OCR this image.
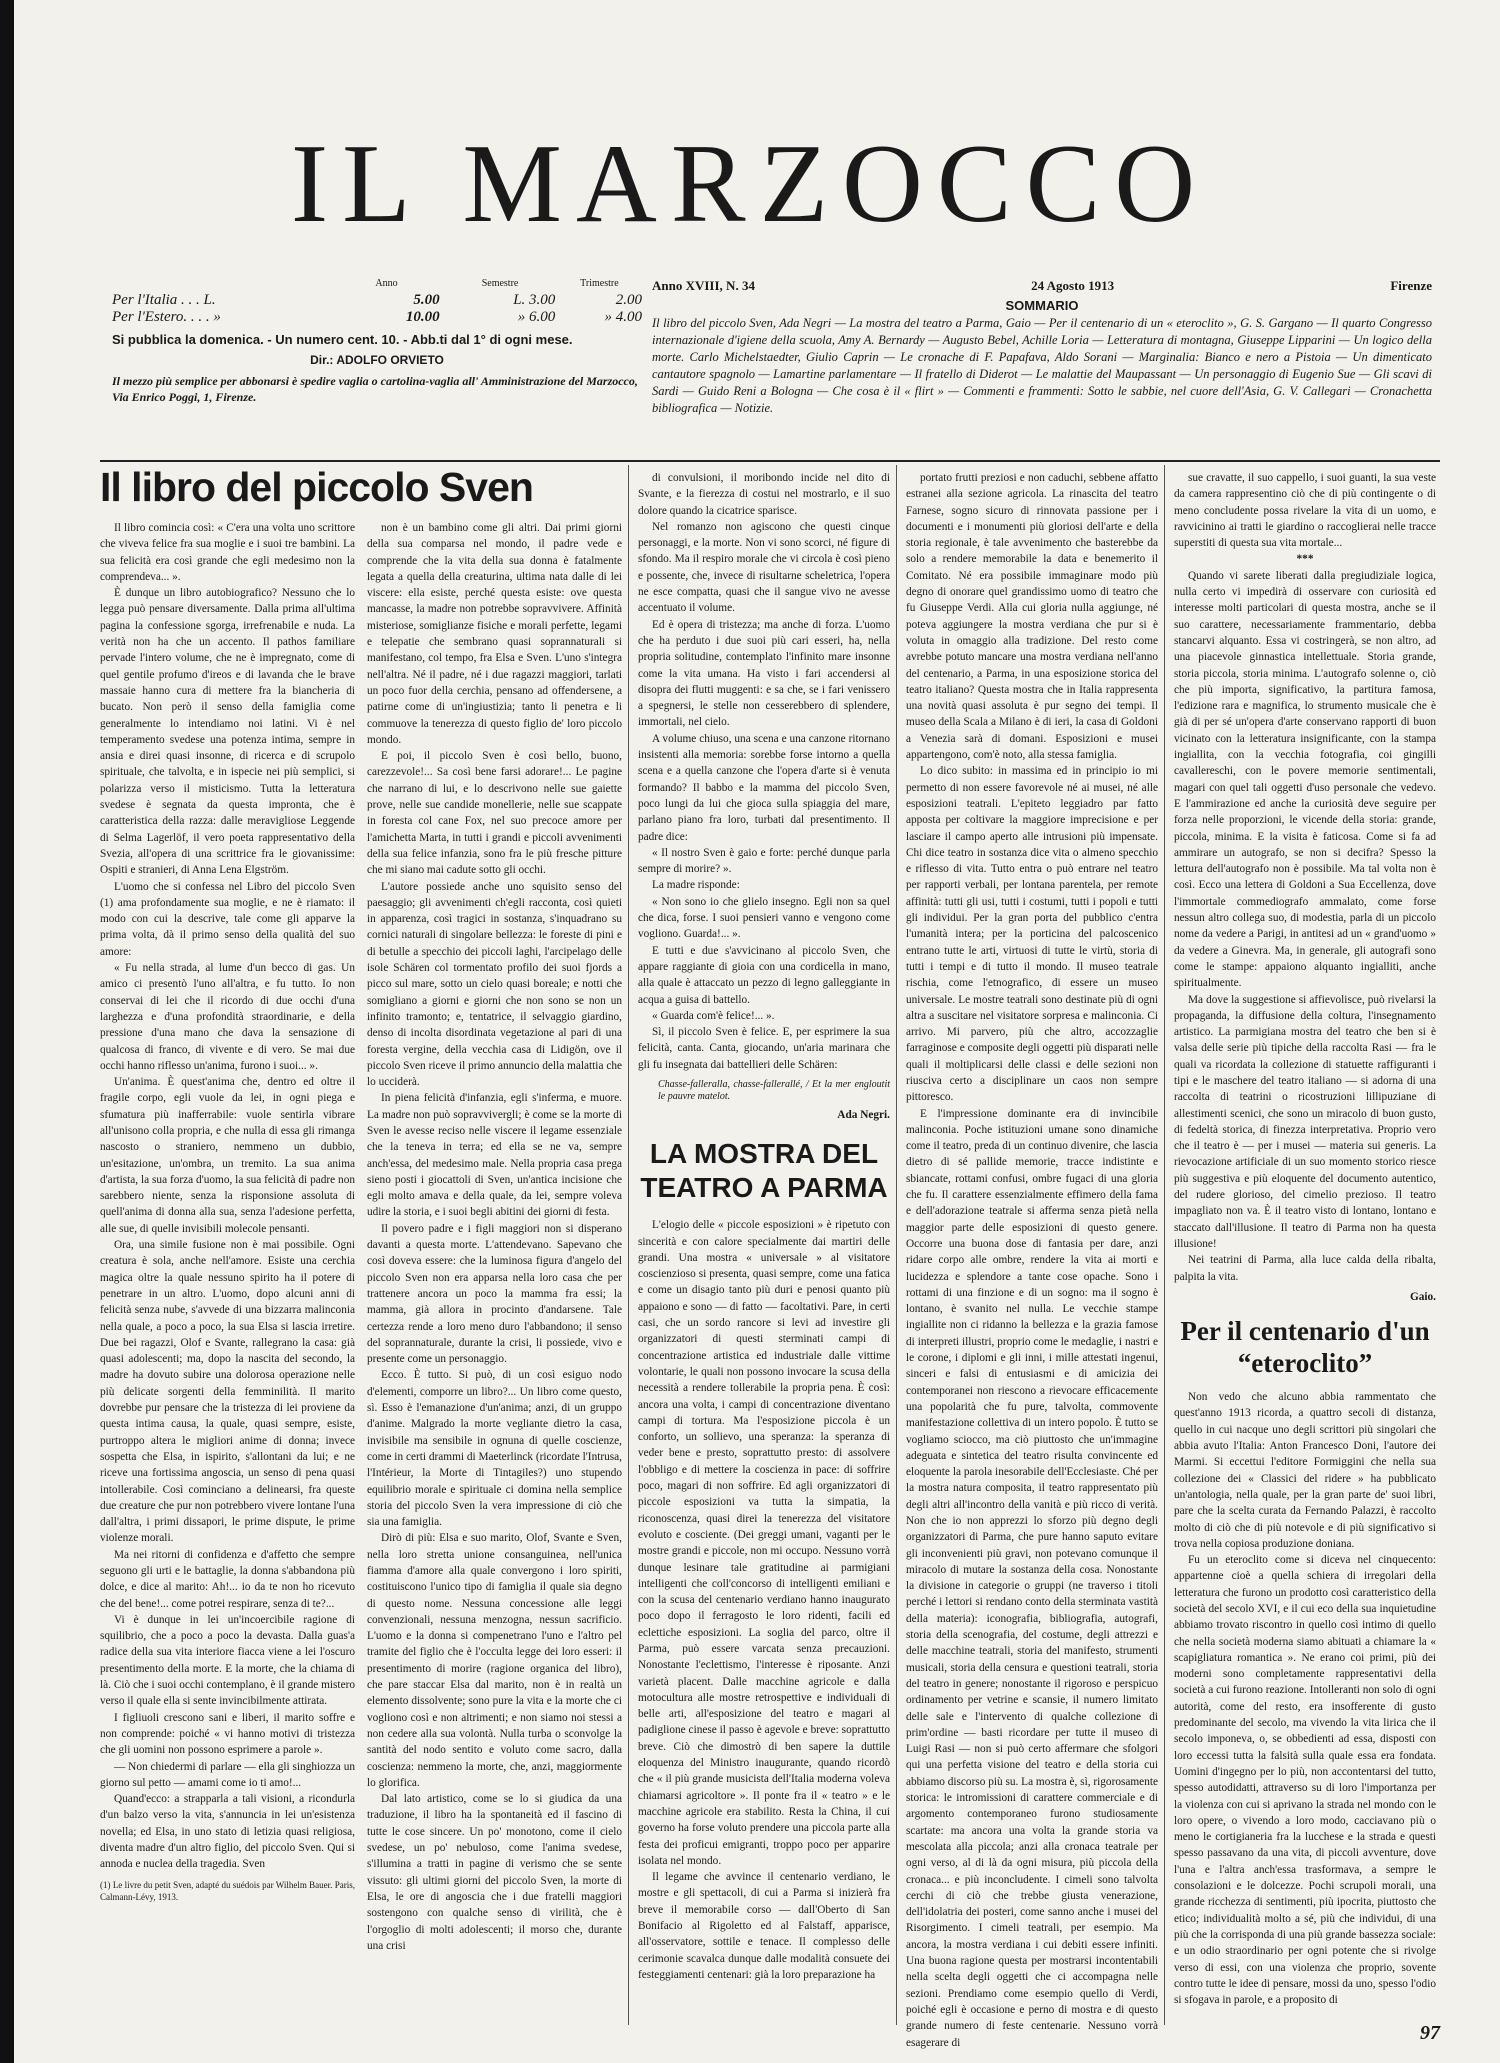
IL MARZOCCO
Anno	Semestre	Trimestre
Per l'Italia . . . L.	5.00	L. 3.00	2.00
Per l'Estero. . . . »	10.00	» 6.00	» 4.00
Si pubblica la domenica. - Un numero cent. 10. - Abb.ti dal 1° di ogni mese.
Dir.: ADOLFO ORVIETO
Il mezzo più semplice per abbonarsi è spedire vaglia o cartolina-vaglia all' Amministrazione del Marzocco, Via Enrico Poggi, 1, Firenze.
Anno XVIII, N. 34	24 Agosto 1913	Firenze
SOMMARIO
Il libro del piccolo Sven, Ada Negri — La mostra del teatro a Parma, Gaio — Per il centenario di un « eteroclito », G. S. Gargano — Il quarto Congresso internazionale d'igiene della scuola, Amy A. Bernardy — Augusto Bebel, Achille Loria — Letteratura di montagna, Giuseppe Lipparini — Un logico della morte. Carlo Michelstaedter, Giulio Caprin — Le cronache di F. Papafava, Aldo Sorani — Marginalia: Bianco e nero a Pistoia — Un dimenticato cantautore spagnolo — Lamartine parlamentare — Il fratello di Diderot — Le malattie del Maupassant — Un personaggio di Eugenio Sue — Gli scavi di Sardi — Guido Reni a Bologna — Che cosa è il « flirt » — Commenti e frammenti: Sotto le sabbie, nel cuore dell'Asia, G. V. Callegari — Cronachetta bibliografica — Notizie.
Il libro del piccolo Sven

Il libro comincia così: « C'era una volta uno scrittore che viveva felice fra sua moglie e i suoi tre bambini. La sua felicità era così grande che egli medesimo non la comprendeva... ».

È dunque un libro autobiografico? Nessuno che lo legga può pensare diversamente. Dalla prima all'ultima pagina la confessione sgorga, irrefrenabile e nuda. La verità non ha che un accento. Il pathos familiare pervade l'intero volume, che ne è impregnato, come di quel gentile profumo d'ireos e di lavanda che le brave massaie hanno cura di mettere fra la biancheria di bucato. Non però il senso della famiglia come generalmente lo intendiamo noi latini. Vi è nel temperamento svedese una potenza intima, sempre in ansia e direi quasi insonne, di ricerca e di scrupolo spirituale, che talvolta, e in ispecie nei più semplici, si polarizza verso il misticismo. Tutta la letteratura svedese è segnata da questa impronta, che è caratteristica della razza: dalle meravigliose Leggende di Selma Lagerlöf, il vero poeta rappresentativo della Svezia, all'opera di una scrittrice fra le giovanissime: Ospiti e stranieri, di Anna Lena Elgström.

L'uomo che si confessa nel Libro del piccolo Sven (1) ama profondamente sua moglie, e ne è riamato: il modo con cui la descrive, tale come gli apparve la prima volta, dà il primo senso della qualità del suo amore:

« Fu nella strada, al lume d'un becco di gas. Un amico ci presentò l'uno all'altra, e fu tutto. Io non conservai di lei che il ricordo di due occhi d'una larghezza e d'una profondità straordinarie, e della pressione d'una mano che dava la sensazione di qualcosa di franco, di vivente e di vero. Se mai due occhi hanno riflesso un'anima, furono i suoi... ».

Un'anima. È quest'anima che, dentro ed oltre il fragile corpo, egli vuole da lei, in ogni piega e sfumatura più inafferrabile: vuole sentirla vibrare all'unisono colla propria, e che nulla di essa gli rimanga nascosto o straniero, nemmeno un dubbio, un'esitazione, un'ombra, un tremito. La sua anima d'artista, la sua forza d'uomo, la sua felicità di padre non sarebbero niente, senza la risponsione assoluta di quell'anima di donna alla sua, senza l'adesione perfetta, alle sue, di quelle invisibili molecole pensanti.

Ora, una simile fusione non è mai possibile. Ogni creatura è sola, anche nell'amore. Esiste una cerchia magica oltre la quale nessuno spirito ha il potere di penetrare in un altro. L'uomo, dopo alcuni anni di felicità senza nube, s'avvede di una bizzarra malinconia nella quale, a poco a poco, la sua Elsa si lascia irretire. Due bei ragazzi, Olof e Svante, rallegrano la casa: già quasi adolescenti; ma, dopo la nascita del secondo, la madre ha dovuto subire una dolorosa operazione nelle più delicate sorgenti della femminilità. Il marito dovrebbe pur pensare che la tristezza di lei proviene da questa intima causa, la quale, quasi sempre, esiste, purtroppo altera le migliori anime di donna; invece sospetta che Elsa, in ispirito, s'allontani da lui; e ne riceve una fortissima angoscia, un senso di pena quasi intollerabile. Così cominciano a delinearsi, fra queste due creature che pur non potrebbero vivere lontane l'una dall'altra, i primi dissapori, le prime dispute, le prime violenze morali.

Ma nei ritorni di confidenza e d'affetto che sempre seguono gli urti e le battaglie, la donna s'abbandona più dolce, e dice al marito: Ah!... io da te non ho ricevuto che del bene!... come potrei respirare, senza di te?...

Vi è dunque in lei un'incoercibile ragione di squilibrio, che a poco a poco la devasta. Dalla guas'a radice della sua vita interiore fiacca viene a lei l'oscuro presentimento della morte. E la morte, che la chiama di là. Ciò che i suoi occhi contemplano, è il grande mistero verso il quale ella si sente invincibilmente attirata.

I figliuoli crescono sani e liberi, il marito soffre e non comprende: poiché « vi hanno motivi di tristezza che gli uomini non possono esprimere a parole ».

— Non chiedermi di parlare — ella gli singhiozza un giorno sul petto — amami come io ti amo!...

Quand'ecco: a strapparla a tali visioni, a ricondurla d'un balzo verso la vita, s'annuncia in lei un'esistenza novella; ed Elsa, in uno stato di letizia quasi religiosa, diventa madre d'un altro figlio, del piccolo Sven. Qui si annoda e nuclea della tragedia. Sven

(1) Le livre du petit Sven, adapté du suédois par Wilhelm Bauer. Paris, Calmann-Lévy, 1913.

non è un bambino come gli altri. Dai primi giorni della sua comparsa nel mondo, il padre vede e comprende che la vita della sua donna è fatalmente legata a quella della creaturina, ultima nata dalle di lei viscere: ella esiste, perché questa esiste: ove questa mancasse, la madre non potrebbe sopravvivere. Affinità misteriose, somiglianze fisiche e morali perfette, legami e telepatie che sembrano quasi soprannaturali si manifestano, col tempo, fra Elsa e Sven. L'uno s'integra nell'altra. Né il padre, né i due ragazzi maggiori, tarlati un poco fuor della cerchia, pensano ad offendersene, a patirne come di un'ingiustizia; tanto li penetra e li commuove la tenerezza di questo figlio de' loro piccolo mondo.

E poi, il piccolo Sven è così bello, buono, carezzevole!... Sa così bene farsi adorare!... Le pagine che narrano di lui, e lo descrivono nelle sue gaiette prove, nelle sue candide monellerie, nelle sue scappate in foresta col cane Fox, nel suo precoce amore per l'amichetta Marta, in tutti i grandi e piccoli avvenimenti della sua felice infanzia, sono fra le più fresche pitture che mi siano mai cadute sotto gli occhi.

L'autore possiede anche uno squisito senso del paesaggio; gli avvenimenti ch'egli racconta, così quieti in apparenza, così tragici in sostanza, s'inquadrano su cornici naturali di singolare bellezza: le foreste di pini e di betulle a specchio dei piccoli laghi, l'arcipelago delle isole Schären col tormentato profilo dei suoi fjords a picco sul mare, sotto un cielo quasi boreale; e notti che somigliano a giorni e giorni che non sono se non un infinito tramonto; e, tentatrice, il selvaggio giardino, denso di incolta disordinata vegetazione al pari di una foresta vergine, della vecchia casa di Lidigön, ove il piccolo Sven riceve il primo annuncio della malattia che lo ucciderà.

In piena felicità d'infanzia, egli s'inferma, e muore. La madre non può sopravvivergli; è come se la morte di Sven le avesse reciso nelle viscere il legame essenziale che la teneva in terra; ed ella se ne va, sempre anch'essa, del medesimo male. Nella propria casa prega sieno posti i giocattoli di Sven, un'antica incisione che egli molto amava e della quale, da lei, sempre voleva udire la storia, e i suoi begli abitini dei giorni di festa.

Il povero padre e i figli maggiori non si disperano davanti a questa morte. L'attendevano. Sapevano che così doveva essere: che la luminosa figura d'angelo del piccolo Sven non era apparsa nella loro casa che per trattenere ancora un poco la mamma fra essi; la mamma, già allora in procinto d'andarsene. Tale certezza rende a loro meno duro l'abbandono; il senso del soprannaturale, durante la crisi, li possiede, vivo e presente come un personaggio.

Ecco. È tutto. Si può, di un così esiguo nodo d'elementi, comporre un libro?... Un libro come questo, sì. Esso è l'emanazione d'un'anima; anzi, di un gruppo d'anime. Malgrado la morte vegliante dietro la casa, invisibile ma sensibile in ognuna di quelle coscienze, come in certi drammi di Maeterlinck (ricordate l'Intrusa, l'Intérieur, la Morte di Tintagiles?) uno stupendo equilibrio morale e spirituale ci domina nella semplice storia del piccolo Sven la vera impressione di ciò che sia una famiglia.

Dirò di più: Elsa e suo marito, Olof, Svante e Sven, nella loro stretta unione consanguinea, nell'unica fiamma d'amore alla quale convergono i loro spiriti, costituiscono l'unico tipo di famiglia il quale sia degno di questo nome. Nessuna concessione alle leggi convenzionali, nessuna menzogna, nessun sacrificio. L'uomo e la donna si compenetrano l'uno e l'altro pel tramite del figlio che è l'occulta legge dei loro esseri: il presentimento di morire (ragione organica del libro), che pare staccar Elsa dal marito, non è in realtà un elemento dissolvente; sono pure la vita e la morte che ci vogliono così e non altrimenti; e non siamo noi stessi a non cedere alla sua volontà. Nulla turba o sconvolge la santità del nodo sentito e voluto come sacro, dalla coscienza: nemmeno la morte, che, anzi, maggiormente lo glorifica.

Dal lato artistico, come se lo si giudica da una traduzione, il libro ha la spontaneità ed il fascino di tutte le cose sincere. Un po' monotono, come il cielo svedese, un po' nebuloso, come l'anima svedese, s'illumina a tratti in pagine di verismo che se sente vissuto: gli ultimi giorni del piccolo Sven, la morte di Elsa, le ore di angoscia che i due fratelli maggiori sostengono con qualche senso di virilità, che è l'orgoglio di molti adolescenti; il morso che, durante una crisi

di convulsioni, il moribondo incide nel dito di Svante, e la fierezza di costui nel mostrarlo, e il suo dolore quando la cicatrice sparisce.

Nel romanzo non agiscono che questi cinque personaggi, e la morte. Non vi sono scorci, né figure di sfondo. Ma il respiro morale che vi circola è così pieno e possente, che, invece di risultarne scheletrica, l'opera ne esce compatta, quasi che il sangue vivo ne avesse accentuato il volume.

Ed è opera di tristezza; ma anche di forza. L'uomo che ha perduto i due suoi più cari esseri, ha, nella propria solitudine, contemplato l'infinito mare insonne come la vita umana. Ha visto i fari accendersi al disopra dei flutti muggenti: e sa che, se i fari venissero a spegnersi, le stelle non cesserebbero di splendere, immortali, nel cielo.

A volume chiuso, una scena e una canzone ritornano insistenti alla memoria: sorebbe forse intorno a quella scena e a quella canzone che l'opera d'arte si è venuta formando? Il babbo e la mamma del piccolo Sven, poco lungi da lui che gioca sulla spiaggia del mare, parlano piano fra loro, turbati dal presentimento. Il padre dice:

« Il nostro Sven è gaio e forte: perché dunque parla sempre di morire? ».

La madre risponde:

« Non sono io che glielo insegno. Egli non sa quel che dica, forse. I suoi pensieri vanno e vengono come vogliono. Guarda!... ».

E tutti e due s'avvicinano al piccolo Sven, che appare raggiante di gioia con una cordicella in mano, alla quale è attaccato un pezzo di legno galleggiante in acqua a guisa di battello.

« Guarda com'è felice!... ».

Sì, il piccolo Sven è felice. E, per esprimere la sua felicità, canta. Canta, giocando, un'aria marinara che gli fu insegnata dai battellieri delle Schären:

Chasse-falleralla, chasse-fallerallé, / Et la mer engloutit le pauvre matelot.
Ada Negri.
LA MOSTRA DEL TEATRO A PARMA

L'elogio delle « piccole esposizioni » è ripetuto con sincerità e con calore specialmente dai martiri delle grandi. Una mostra « universale » al visitatore coscienzioso si presenta, quasi sempre, come una fatica e come un disagio tanto più duri e penosi quanto più appaiono e sono — di fatto — facoltativi. Pare, in certi casi, che un sordo rancore si levi ad investire gli organizzatori di questi sterminati campi di concentrazione artistica ed industriale dalle vittime volontarie, le quali non possono invocare la scusa della necessità a rendere tollerabile la propria pena. È così: ancora una volta, i campi di concentrazione diventano campi di tortura. Ma l'esposizione piccola è un conforto, un sollievo, una speranza: la speranza di veder bene e presto, soprattutto presto: di assolvere l'obbligo e di mettere la coscienza in pace: di soffrire poco, magari di non soffrire. Ed agli organizzatori di piccole esposizioni va tutta la simpatia, la riconoscenza, quasi direi la tenerezza del visitatore evoluto e cosciente. (Dei greggi umani, vaganti per le mostre grandi e piccole, non mi occupo. Nessuno vorrà dunque lesinare tale gratitudine ai parmigiani intelligenti che coll'concorso di intelligenti emiliani e con la scusa del centenario verdiano hanno inaugurato poco dopo il ferragosto le loro ridenti, facili ed eclettiche esposizioni. La soglia del parco, oltre il Parma, può essere varcata senza precauzioni. Nonostante l'eclettismo, l'interesse è riposante. Anzi varietà placent. Dalle macchine agricole e dalla motocultura alle mostre retrospettive e individuali di belle arti, all'esposizione del teatro e magari al padiglione cinese il passo è agevole e breve: soprattutto breve. Ciò che dimostrò di ben sapere la duttile eloquenza del Ministro inaugurante, quando ricordò che « il più grande musicista dell'Italia moderna voleva chiamarsi agricoltore ». Il ponte fra il « teatro » e le macchine agricole era stabilito. Resta la China, il cui governo ha forse voluto prendere una piccola parte alla festa dei proficui emigranti, troppo poco per apparire isolata nel mondo.

Il legame che avvince il centenario verdiano, le mostre e gli spettacoli, di cui a Parma si inizierà fra breve il memorabile corso — dall'Oberto di San Bonifacio al Rigoletto ed al Falstaff, apparisce, all'osservatore, sottile e tenace. Il complesso delle cerimonie scavalca dunque dalle modalità consuete dei festeggiamenti centenari: già la loro preparazione ha

portato frutti preziosi e non caduchi, sebbene affatto estranei alla sezione agricola. La rinascita del teatro Farnese, sogno sicuro di rinnovata passione per i documenti e i monumenti più gloriosi dell'arte e della storia regionale, è tale avvenimento che basterebbe da solo a rendere memorabile la data e benemerito il Comitato. Né era possibile immaginare modo più degno di onorare quel grandissimo uomo di teatro che fu Giuseppe Verdi. Alla cui gloria nulla aggiunge, né poteva aggiungere la mostra verdiana che pur si è voluta in omaggio alla tradizione. Del resto come avrebbe potuto mancare una mostra verdiana nell'anno del centenario, a Parma, in una esposizione storica del teatro italiano? Questa mostra che in Italia rappresenta una novità quasi assoluta è pur segno dei tempi. Il museo della Scala a Milano è di ieri, la casa di Goldoni a Venezia sarà di domani. Esposizioni e musei appartengono, com'è noto, alla stessa famiglia.

Lo dico subito: in massima ed in principio io mi permetto di non essere favorevole né ai musei, né alle esposizioni teatrali. L'epiteto leggiadro par fatto apposta per coltivare la maggiore imprecisione e per lasciare il campo aperto alle intrusioni più impensate. Chi dice teatro in sostanza dice vita o almeno specchio e riflesso di vita. Tutto entra o può entrare nel teatro per rapporti verbali, per lontana parentela, per remote affinità: tutti gli usi, tutti i costumi, tutti i popoli e tutti gli individui. Per la gran porta del pubblico c'entra l'umanità intera; per la porticina del palcoscenico entrano tutte le arti, virtuosi di tutte le virtù, storia di tutti i tempi e di tutto il mondo. Il museo teatrale rischia, come l'etnografico, di essere un museo universale. Le mostre teatrali sono destinate più di ogni altra a suscitare nel visitatore sorpresa e malinconia. Ci arrivo. Mi parvero, più che altro, accozzaglie farraginose e composite degli oggetti più disparati nelle quali il moltiplicarsi delle classi e delle sezioni non riusciva certo a disciplinare un caos non sempre pittoresco.

E l'impressione dominante era di invincibile malinconia. Poche istituzioni umane sono dinamiche come il teatro, preda di un continuo divenire, che lascia dietro di sé pallide memorie, tracce indistinte e sbiancate, rottami confusi, ombre fugaci di una gloria che fu. Il carattere essenzialmente effimero della fama e dell'adorazione teatrale si afferma senza pietà nella maggior parte delle esposizioni di questo genere. Occorre una buona dose di fantasia per dare, anzi ridare corpo alle ombre, rendere la vita ai morti e lucidezza e splendore a tante cose opache. Sono i rottami di una finzione e di un sogno: ma il sogno è lontano, è svanito nel nulla. Le vecchie stampe ingiallite non ci ridanno la bellezza e la grazia famose di interpreti illustri, proprio come le medaglie, i nastri e le corone, i diplomi e gli inni, i mille attestati ingenui, sinceri e falsi di entusiasmi e di amicizia dei contemporanei non riescono a rievocare efficacemente una popolarità che fu pure, talvolta, commovente manifestazione collettiva di un intero popolo. È tutto se vogliamo sciocco, ma ciò piuttosto che un'immagine adeguata e sintetica del teatro risulta convincente ed eloquente la parola inesorabile dell'Ecclesiaste. Ché per la mostra natura composita, il teatro rappresentato più degli altri all'incontro della vanità e più ricco di verità. Non che io non apprezzi lo sforzo più degno degli organizzatori di Parma, che pure hanno saputo evitare gli inconvenienti più gravi, non potevano comunque il miracolo di mutare la sostanza della cosa. Nonostante la divisione in categorie o gruppi (ne traverso i titoli perché i lettori si rendano conto della sterminata vastità della materia): iconografia, bibliografia, autografi, storia della scenografia, del costume, degli attrezzi e delle macchine teatrali, storia del manifesto, strumenti musicali, storia della censura e questioni teatrali, storia del teatro in genere; nonostante il rigoroso e perspicuo ordinamento per vetrine e scansie, il numero limitato delle sale e l'intervento di qualche collezione di prim'ordine — basti ricordare per tutte il museo di Luigi Rasi — non si può certo affermare che sfolgori qui una perfetta visione del teatro e della storia cui abbiamo discorso più su. La mostra è, sì, rigorosamente storica: le intromissioni di carattere commerciale e di argomento contemporaneo furono studiosamente scartate: ma ancora una volta la grande storia va mescolata alla piccola; anzi alla cronaca teatrale per ogni verso, al di là da ogni misura, più piccola della cronaca... e più inconcludente. I cimeli sono talvolta cerchi di ciò che trebbe giusta venerazione, dell'idolatria dei posteri, come sanno anche i musei del Risorgimento. I cimeli teatrali, per esempio. Ma ancora, la mostra verdiana i cui debiti essere infiniti. Una buona ragione questa per mostrarsi incontentabili nella scelta degli oggetti che ci accompagna nelle sezioni. Prendiamo come esempio quello di Verdi, poiché egli è occasione e perno di mostra e di questo grande numero di feste centenarie. Nessuno vorrà esagerare di

sue cravatte, il suo cappello, i suoi guanti, la sua veste da camera rappresentino ciò che di più contingente o di meno concludente possa rivelare la vita di un uomo, e ravvicinino ai tratti le giardino o raccoglierai nelle tracce superstiti di questa sua vita mortale...

***

Quando vi sarete liberati dalla pregiudiziale logica, nulla certo vi impedirà di osservare con curiosità ed interesse molti particolari di questa mostra, anche se il suo carattere, necessariamente frammentario, debba stancarvi alquanto. Essa vi costringerà, se non altro, ad una piacevole ginnastica intellettuale. Storia grande, storia piccola, storia minima. L'autografo solenne o, ciò che più importa, significativo, la partitura famosa, l'edizione rara e magnifica, lo strumento musicale che è già di per sé un'opera d'arte conservano rapporti di buon vicinato con la letteratura insignificante, con la stampa ingiallita, con la vecchia fotografia, coi gingilli cavallereschi, con le povere memorie sentimentali, magari con quel tali oggetti d'uso personale che vedevo. E l'ammirazione ed anche la curiosità deve seguire per forza nelle proporzioni, le vicende della storia: grande, piccola, minima. E la visita è faticosa. Come si fa ad ammirare un autografo, se non si decifra? Spesso la lettura dell'autografo non è possibile. Ma tal volta non è così. Ecco una lettera di Goldoni a Sua Eccellenza, dove l'immortale commediografo ammalato, come forse nessun altro collega suo, di modestia, parla di un piccolo nome da vedere a Parigi, in antitesi ad un « grand'uomo » da vedere a Ginevra. Ma, in generale, gli autografi sono come le stampe: appaiono alquanto ingialliti, anche spiritualmente.

Ma dove la suggestione si affievolisce, può rivelarsi la propaganda, la diffusione della coltura, l'insegnamento artistico. La parmigiana mostra del teatro che ben si è valsa delle serie più tipiche della raccolta Rasi — fra le quali va ricordata la collezione di statuette raffiguranti i tipi e le maschere del teatro italiano — si adorna di una raccolta di teatrini o ricostruzioni lillipuziane di allestimenti scenici, che sono un miracolo di buon gusto, di fedeltà storica, di finezza interpretativa. Proprio vero che il teatro è — per i musei — materia sui generis. La rievocazione artificiale di un suo momento storico riesce più suggestiva e più eloquente del documento autentico, del rudere glorioso, del cimelio prezioso. Il teatro impagliato non va. È il teatro visto di lontano, lontano e staccato dall'illusione. Il teatro di Parma non ha questa illusione!

Nei teatrini di Parma, alla luce calda della ribalta, palpita la vita.

Gaio.
Per il centenario d'un “eteroclito”

Non vedo che alcuno abbia rammentato che quest'anno 1913 ricorda, a quattro secoli di distanza, quello in cui nacque uno degli scrittori più singolari che abbia avuto l'Italia: Anton Francesco Doni, l'autore dei Marmi. Si eccettui l'editore Formiggini che nella sua collezione dei « Classici del ridere » ha pubblicato un'antologia, nella quale, per la gran parte de' suoi libri, pare che la scelta curata da Fernando Palazzi, è raccolto molto di ciò che di più notevole e di più significativo si trova nella copiosa produzione doniana.

Fu un eteroclito come si diceva nel cinquecento: appartenne cioè a quella schiera di irregolari della letteratura che furono un prodotto così caratteristico della società del secolo XVI, e il cui eco della sua inquietudine abbiamo trovato riscontro in quello così intimo di quello che nella società moderna siamo abituati a chiamare la « scapigliatura romantica ». Ne erano coi primi, più dei moderni sono completamente rappresentativi della società a cui furono reazione. Intolleranti non solo di ogni autorità, come del resto, era insofferente di gusto predominante del secolo, ma vivendo la vita lirica che il secolo imponeva, o, se obbedienti ad essa, disposti con loro eccessi tutta la falsità sulla quale essa era fondata. Uomini d'ingegno per lo più, non accontentarsi del tutto, spesso autodidatti, attraverso su di loro l'importanza per la violenza con cui si aprivano la strada nel mondo con le loro opere, o vivendo a loro modo, cacciavano più o meno le cortigianeria fra la lucchese e la strada e questi spesso passavano da una vita, di piccoli avventure, dove l'una e l'altra anch'essa trasformava, a sempre le consolazioni e le dolcezze. Pochi scrupoli morali, una grande ricchezza di sentimenti, più ipocrita, piuttosto che etico; individualità molto a sé, più che individui, di una più che la corrisponda di una più grande bassezza sociale: e un odio straordinario per ogni potente che si rivolge verso di essi, con una violenza che proprio, sovente contro tutte le idee di pensare, mossi da uno, spesso l'odio si sfogava in parole, e a proposito di

97
